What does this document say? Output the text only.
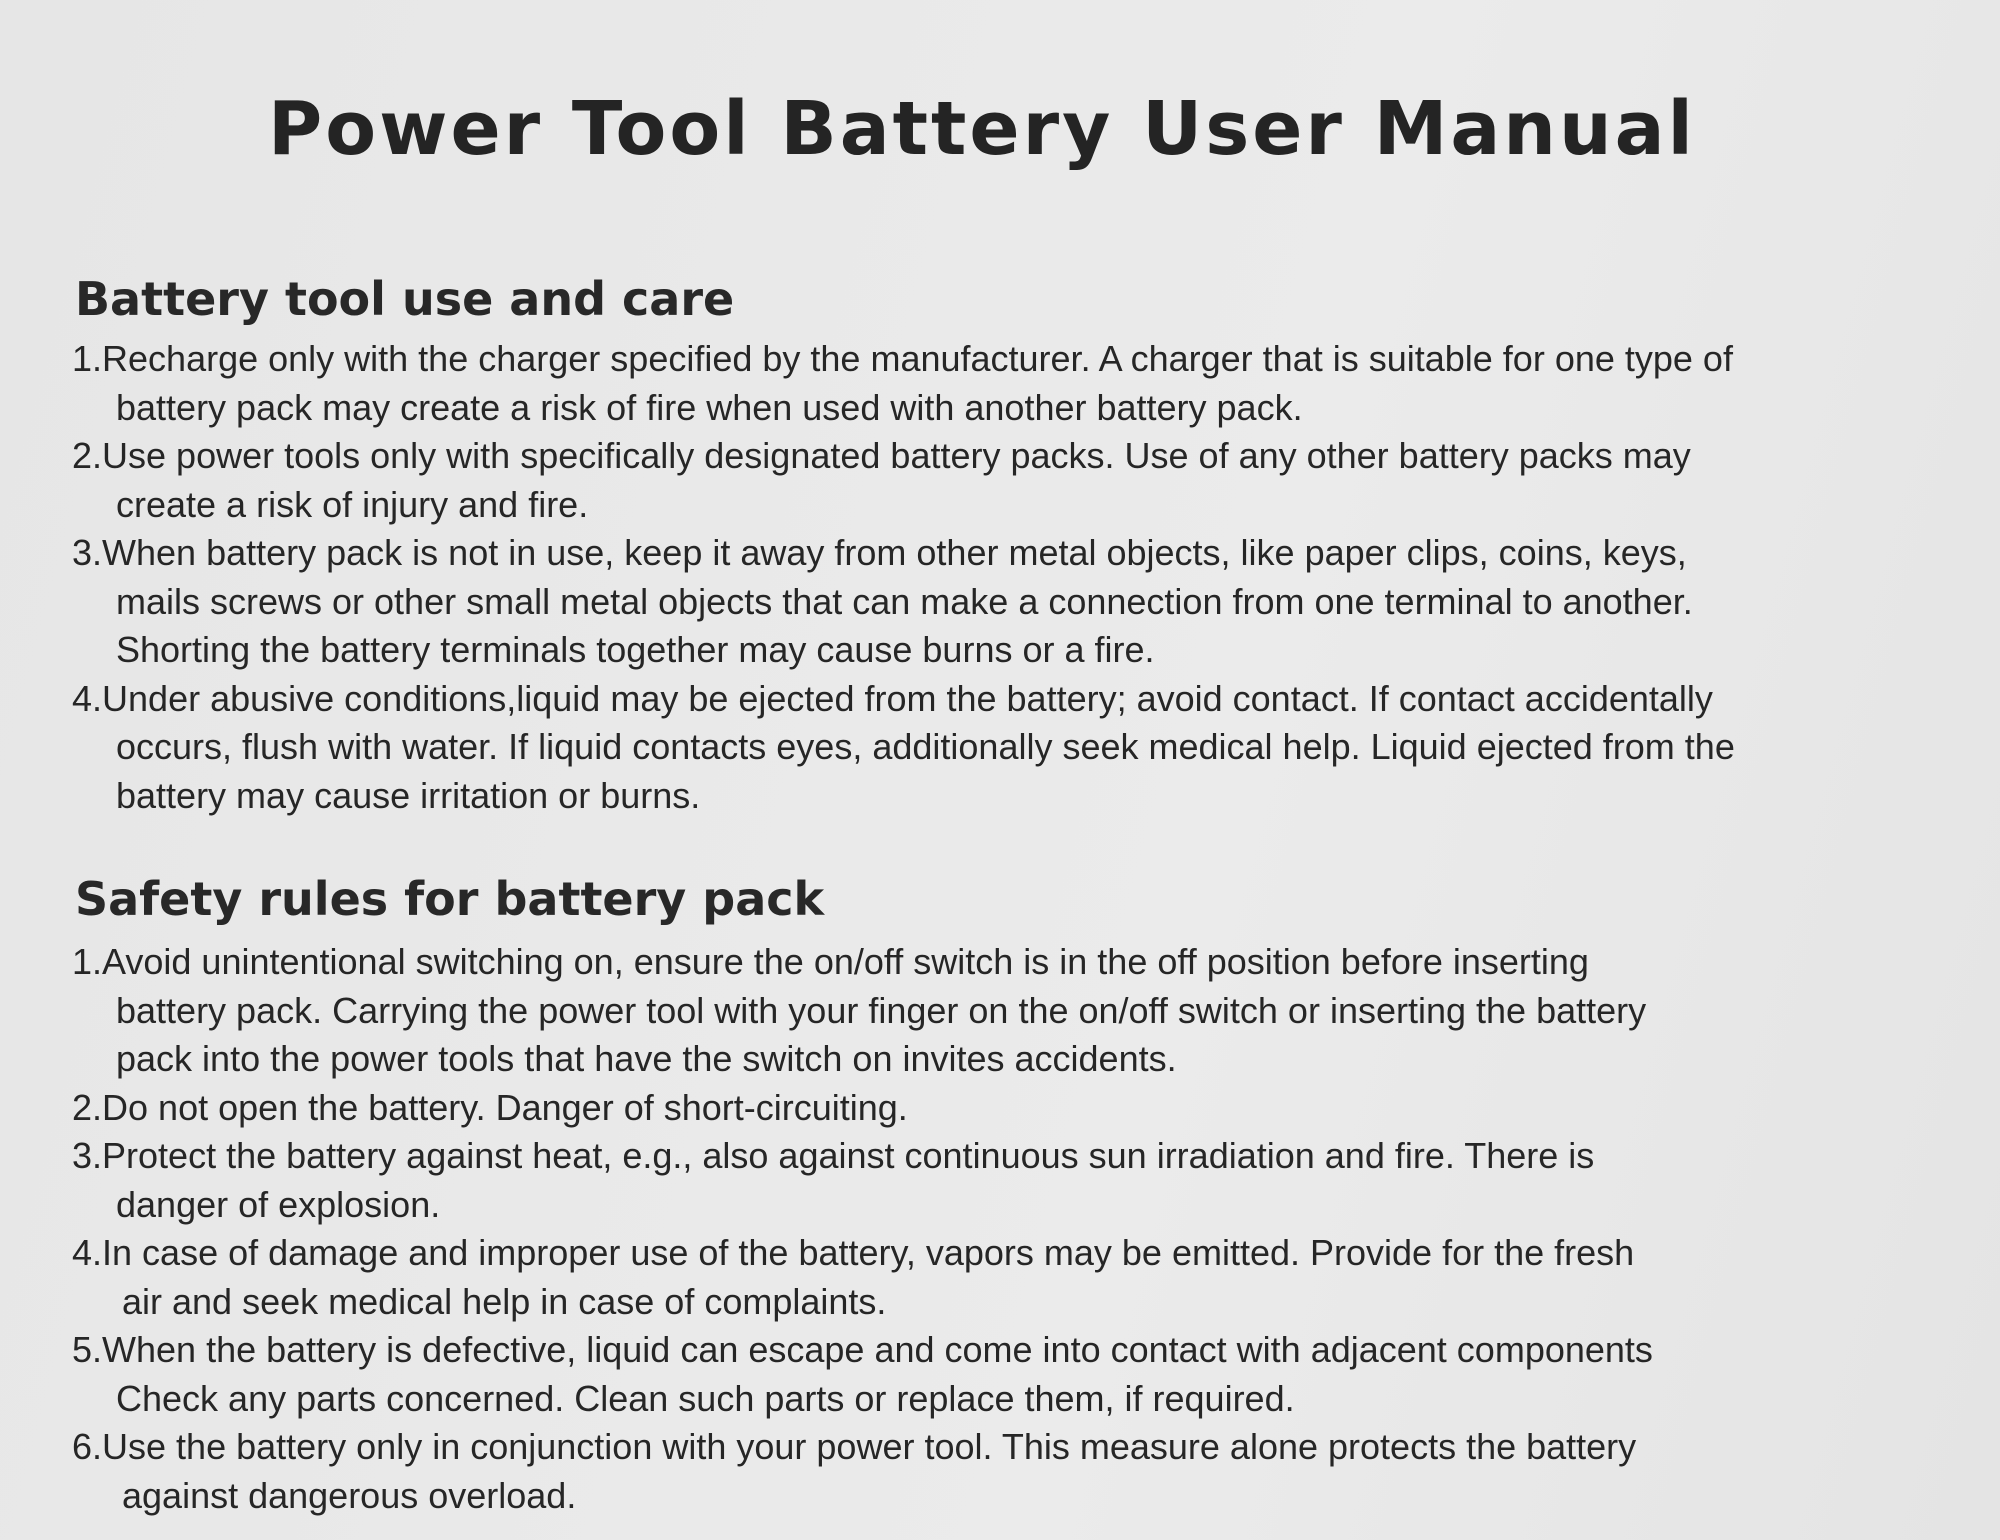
Power Tool Battery User Manual
Battery tool use and care
1.Recharge only with the charger specified by the manufacturer. A charger that is suitable for one type of
battery pack may create a risk of fire when used with another battery pack.
2.Use power tools only with specifically designated battery packs. Use of any other battery packs may
create a risk of injury and fire.
3.When battery pack is not in use, keep it away from other metal objects, like paper clips, coins, keys,
mails screws or other small metal objects that can make a connection from one terminal to another.
Shorting the battery terminals together may cause burns or a fire.
4.Under abusive conditions,liquid may be ejected from the battery; avoid contact. If contact accidentally
occurs, flush with water. If liquid contacts eyes, additionally seek medical help. Liquid ejected from the
battery may cause irritation or burns.
Safety rules for battery pack
1.Avoid unintentional switching on, ensure the on/off switch is in the off position before inserting
battery pack. Carrying the power tool with your finger on the on/off switch or inserting the battery
pack into the power tools that have the switch on invites accidents.
2.Do not open the battery. Danger of short-circuiting.
3.Protect the battery against heat, e.g., also against continuous sun irradiation and fire. There is
danger of explosion.
4.In case of damage and improper use of the battery, vapors may be emitted. Provide for the fresh
air and seek medical help in case of complaints.
5.When the battery is defective, liquid can escape and come into contact with adjacent components
Check any parts concerned. Clean such parts or replace them, if required.
6.Use the battery only in conjunction with your power tool. This measure alone protects the battery
against dangerous overload.
